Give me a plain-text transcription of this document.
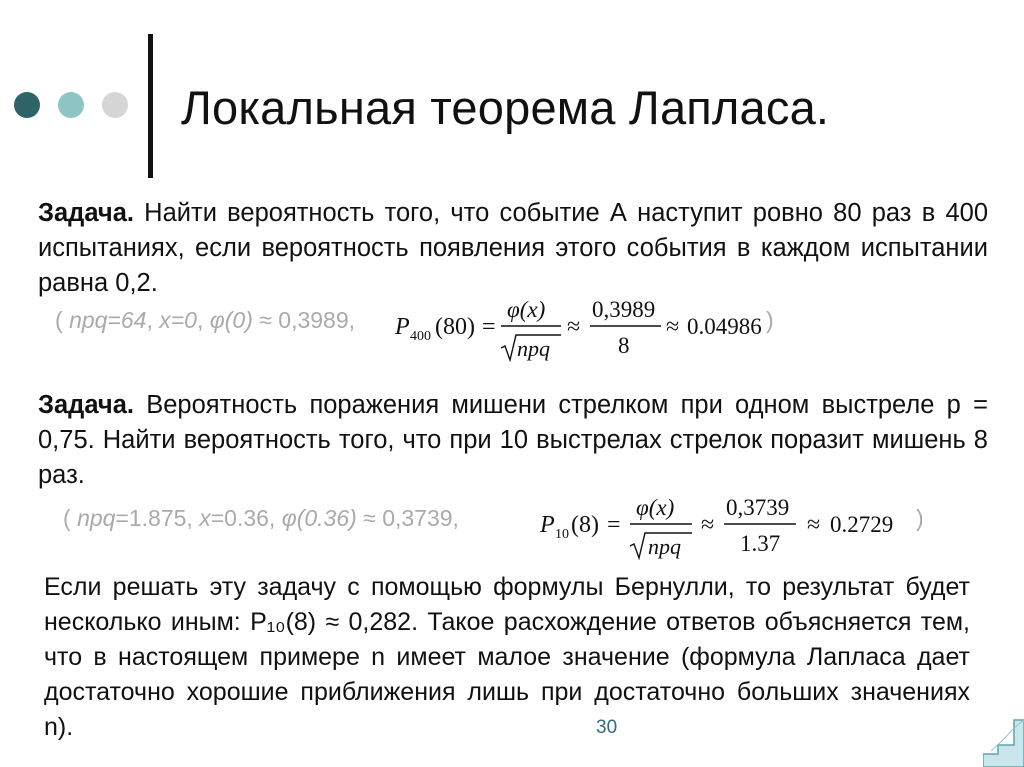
Локальная теорема Лапласа.
Задача. Найти вероятность того, что событие А наступит ровно 80 раз в 400 испытаниях, если вероятность появления этого события в каждом испытании равна 0,2.
( npq=64, x=0, φ(0) ≈ 0,3989, P 400 (80) =
φ(x)
npq
≈
0,3989
8
≈ 0.04986 )
Задача. Вероятность поражения мишени стрелком при одном выстреле р = 0,75. Найти вероятность того, что при 10 выстрелах стрелок поразит мишень 8 раз.
( npq=1.875, x=0.36, φ(0.36) ≈ 0,3739,	P 10 (8) =
φ(x)
npq
≈
0,3739
1.37
≈ 0.2729 )
Если решать эту задачу с помощью формулы Бернулли, то результат будет несколько иным: Р₁₀(8) ≈ 0,282. Такое расхождение ответов объясняется тем, что в настоящем примере n имеет малое значение (формула Лапласа дает достаточно хорошие приближения лишь при достаточно больших значениях n).	30
